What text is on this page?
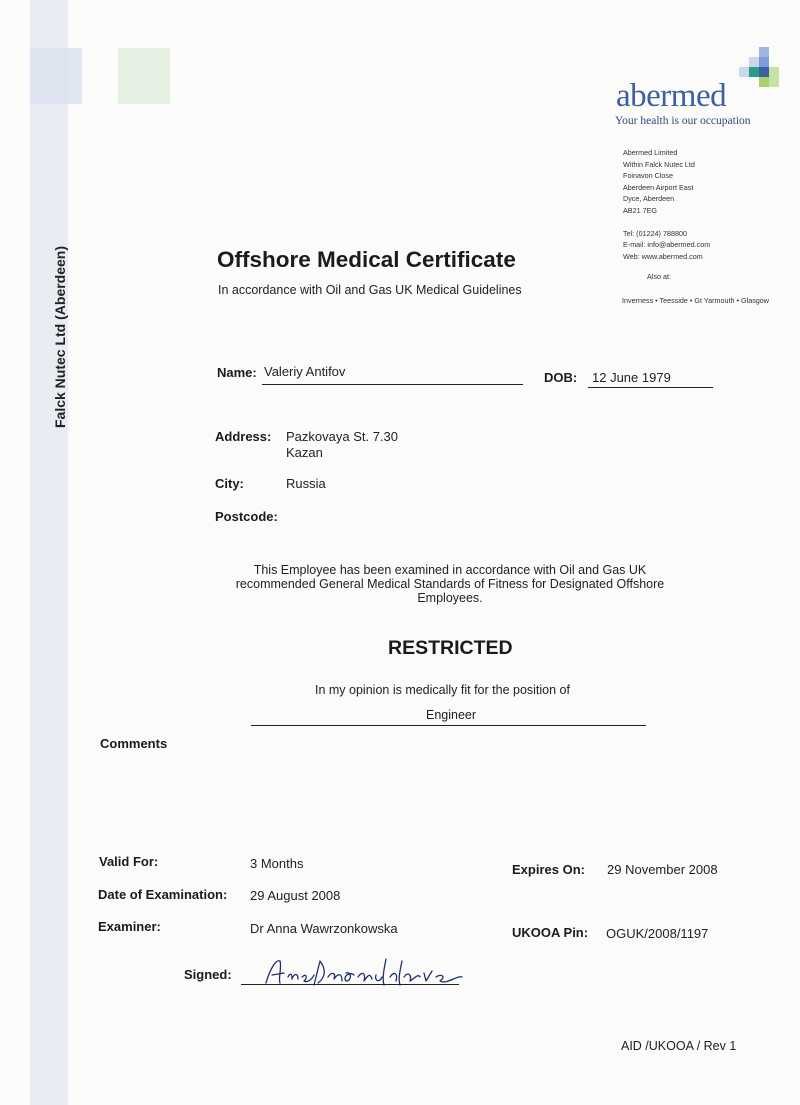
Falck Nutec Ltd (Aberdeen)
abermed
Your health is our occupation
Abermed Limited
Within Falck Nutec Ltd
Foinavon Close
Aberdeen Airport East
Dyce, Aberdeen
AB21 7EG
Tel: (01224) 788800
E-mail: info@abermed.com
Web: www.abermed.com
Also at:
Inverness • Teesside • Gt Yarmouth • Glasgow
Offshore Medical Certificate
In accordance with Oil and Gas UK Medical Guidelines
Name: Valeriy Antifov	DOB: 12 June 1979
Address: Pazkovaya St. 7.30
Kazan
City:	Russia
Postcode:
This Employee has been examined in accordance with Oil and Gas UK recommended General Medical Standards of Fitness for Designated Offshore Employees.
RESTRICTED
In my opinion is medically fit for the position of
Engineer
Comments
Valid For:	3 Months	Expires On: 29 November 2008
Date of Examination: 29 August 2008
Examiner:	Dr Anna Wawrzonkowska	UKOOA Pin: OGUK/2008/1197
Signed:
AID /UKOOA / Rev 1
